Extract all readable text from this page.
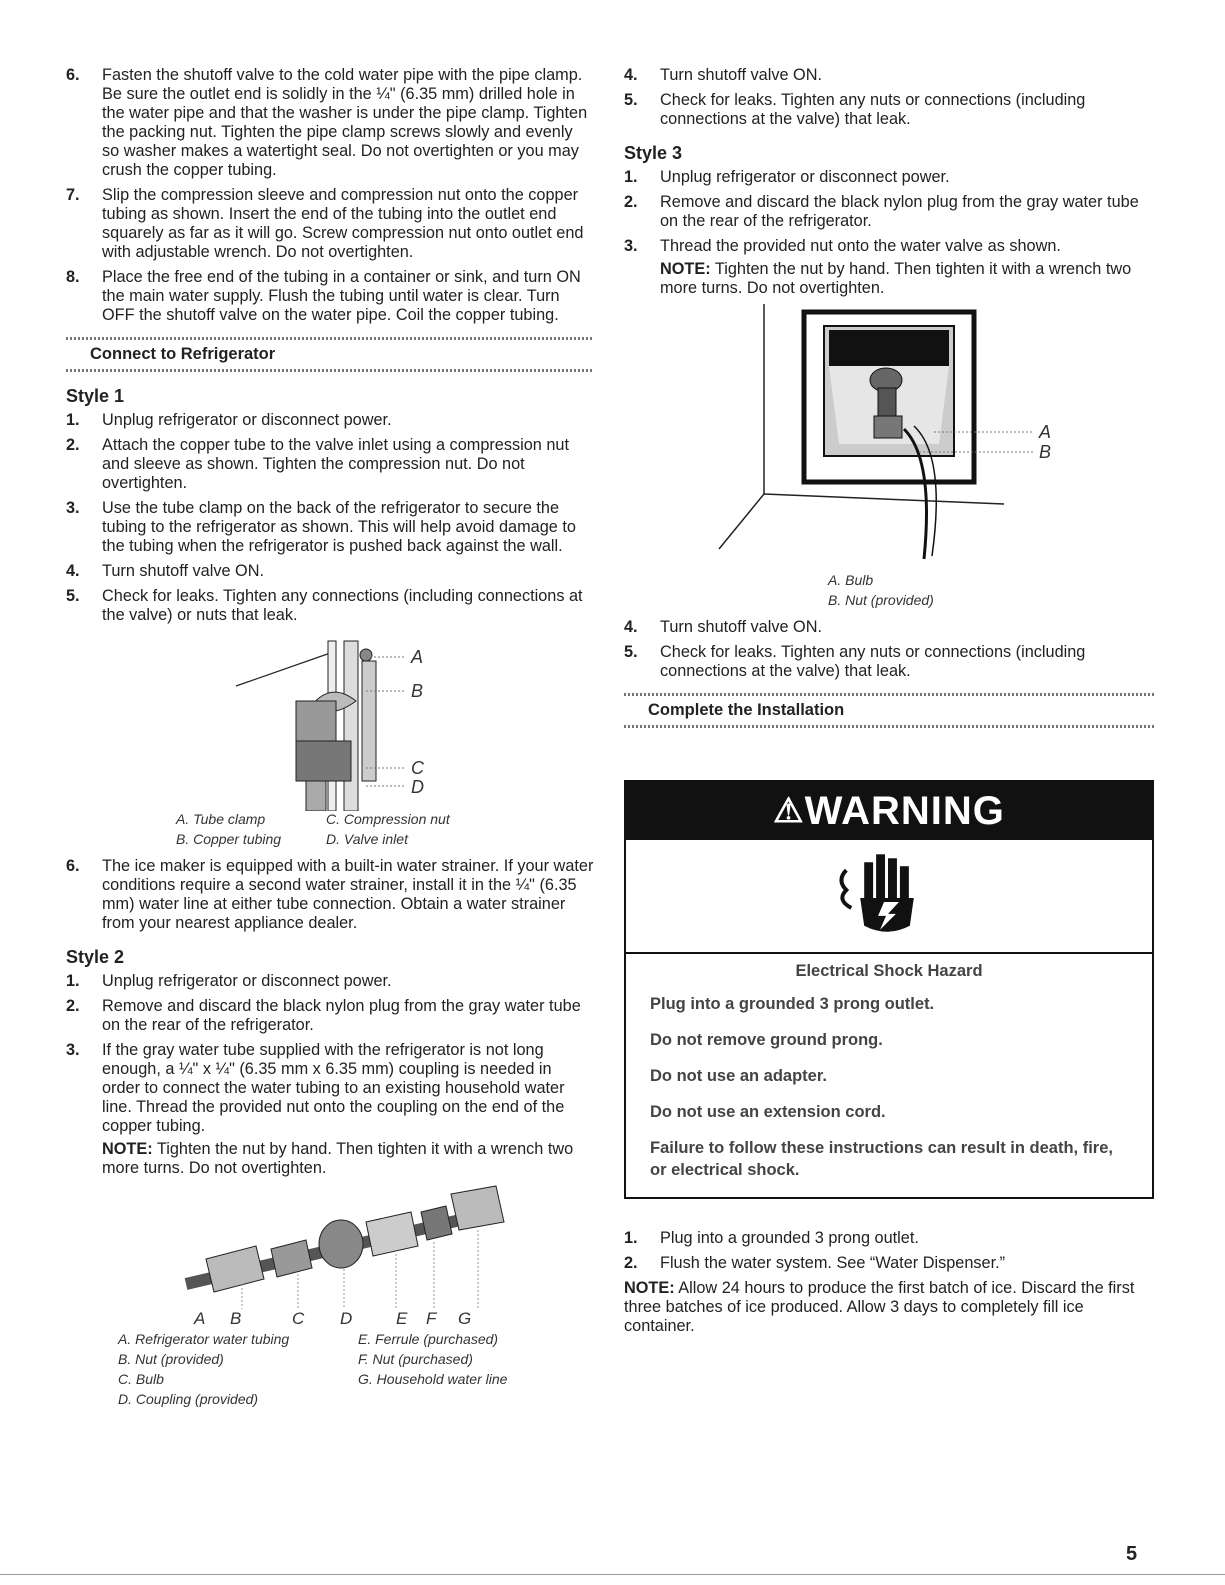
6. Fasten the shutoff valve to the cold water pipe with the pipe clamp. Be sure the outlet end is solidly in the ¼" (6.35 mm) drilled hole in the water pipe and that the washer is under the pipe clamp. Tighten the packing nut. Tighten the pipe clamp screws slowly and evenly so washer makes a watertight seal. Do not overtighten or you may crush the copper tubing.
7. Slip the compression sleeve and compression nut onto the copper tubing as shown. Insert the end of the tubing into the outlet end squarely as far as it will go. Screw compression nut onto outlet end with adjustable wrench. Do not overtighten.
8. Place the free end of the tubing in a container or sink, and turn ON the main water supply. Flush the tubing until water is clear. Turn OFF the shutoff valve on the water pipe. Coil the copper tubing.
Connect to Refrigerator
Style 1
1. Unplug refrigerator or disconnect power.
2. Attach the copper tube to the valve inlet using a compression nut and sleeve as shown. Tighten the compression nut. Do not overtighten.
3. Use the tube clamp on the back of the refrigerator to secure the tubing to the refrigerator as shown. This will help avoid damage to the tubing when the refrigerator is pushed back against the wall.
4. Turn shutoff valve ON.
5. Check for leaks. Tighten any connections (including connections at the valve) or nuts that leak.
A
B
C
D
A. Tube clamp
B. Copper tubing
C. Compression nut
D. Valve inlet
6. The ice maker is equipped with a built-in water strainer. If your water conditions require a second water strainer, install it in the ¼" (6.35 mm) water line at either tube connection. Obtain a water strainer from your nearest appliance dealer.
Style 2
1. Unplug refrigerator or disconnect power.
2. Remove and discard the black nylon plug from the gray water tube on the rear of the refrigerator.
3. If the gray water tube supplied with the refrigerator is not long enough, a ¼" x ¼" (6.35 mm x 6.35 mm) coupling is needed in order to connect the water tubing to an existing household water line. Thread the provided nut onto the coupling on the end of the copper tubing.
NOTE: Tighten the nut by hand. Then tighten it with a wrench two more turns. Do not overtighten.
A B	C D	E F G
A. Refrigerator water tubing
B. Nut (provided)
C. Bulb
D. Coupling (provided)
E. Ferrule (purchased)
F. Nut (purchased)
G. Household water line
4. Turn shutoff valve ON.
5. Check for leaks. Tighten any nuts or connections (including connections at the valve) that leak.
Style 3
1. Unplug refrigerator or disconnect power.
2. Remove and discard the black nylon plug from the gray water tube on the rear of the refrigerator.
3. Thread the provided nut onto the water valve as shown.
NOTE: Tighten the nut by hand. Then tighten it with a wrench two more turns. Do not overtighten.
A
B
A. Bulb
B. Nut (provided)
4. Turn shutoff valve ON.
5. Check for leaks. Tighten any nuts or connections (including connections at the valve) that leak.
Complete the Installation
⚠WARNING
Electrical Shock Hazard

Plug into a grounded 3 prong outlet.

Do not remove ground prong.

Do not use an adapter.

Do not use an extension cord.

Failure to follow these instructions can result in death, fire, or electrical shock.

1. Plug into a grounded 3 prong outlet.
2. Flush the water system. See “Water Dispenser.”
NOTE: Allow 24 hours to produce the first batch of ice. Discard the first three batches of ice produced. Allow 3 days to completely fill ice container.
5
